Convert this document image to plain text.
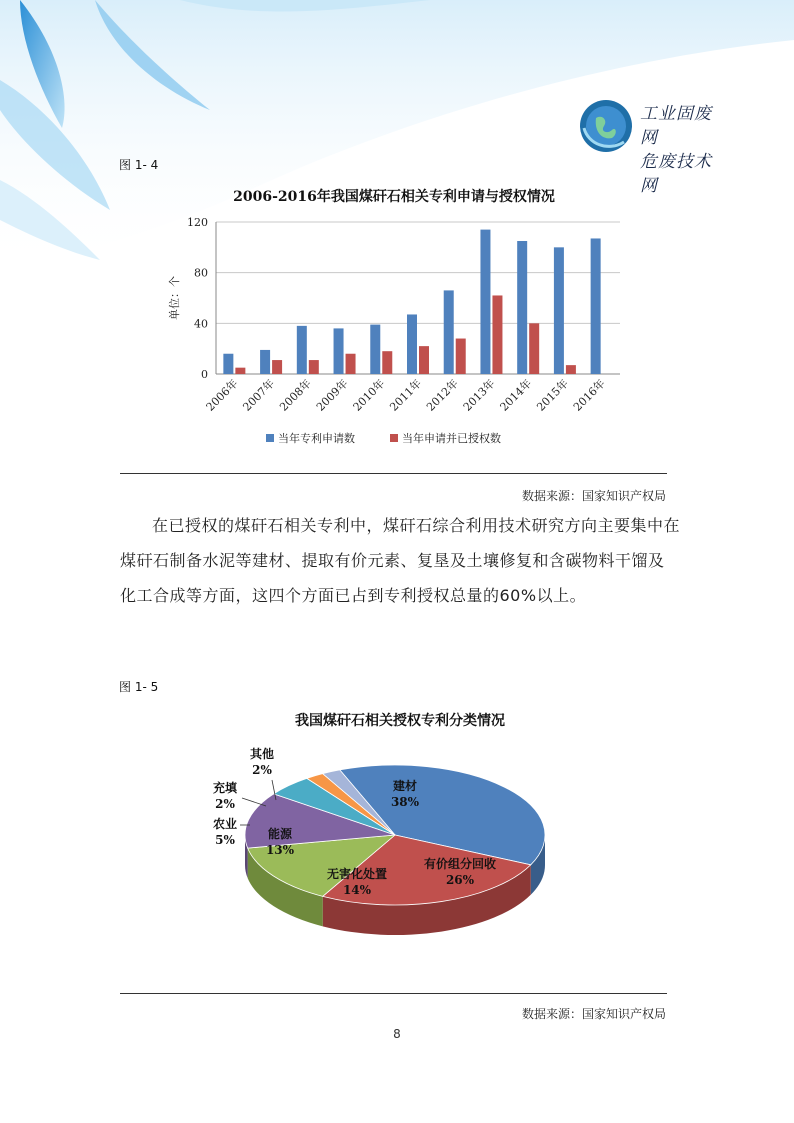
工业固废网
危废技术网
图 1- 4
2006-2016年我国煤矸石相关专利申请与授权情况
0
40
80
120
单位：个
2006年 2007年 2008年 2009年 2010年 2011年 2012年 2013年 2014年 2015年 2016年
当年专利申请数	当年申请并已授权数
数据来源：国家知识产权局

在已授权的煤矸石相关专利中，煤矸石综合利用技术研究方向主要集中在煤矸石制备水泥等建材、提取有价元素、复垦及土壤修复和含碳物料干馏及化工合成等方面，这四个方面已占到专利授权总量的60%以上。

图 1- 5
我国煤矸石相关授权专利分类情况
建材
38%
有价组分回收
26%
无害化处置
14%
能源
13%
农业
5%
充填
2%
其他
2%
数据来源：国家知识产权局
8
